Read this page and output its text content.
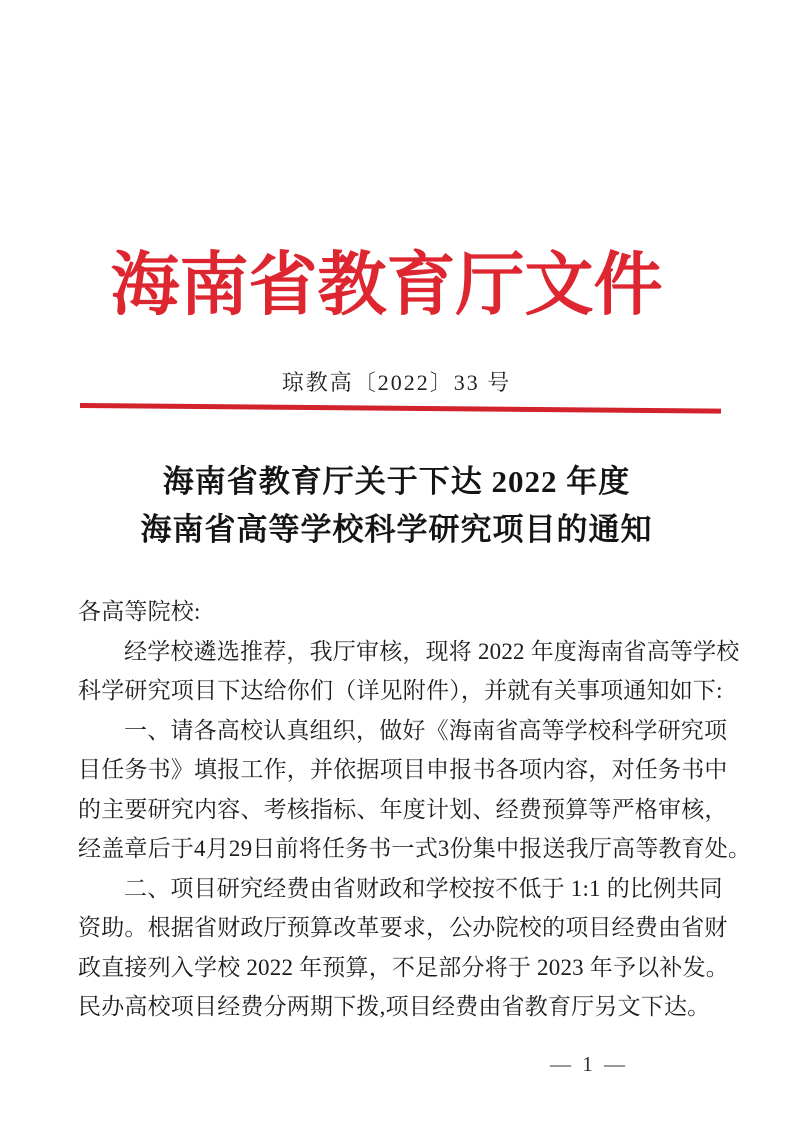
海南省教育厅文件
琼教高〔2022〕33 号
海南省教育厅关于下达 2022 年度
海南省高等学校科学研究项目的通知
各高等院校:
经学校遴选推荐，我厅审核，现将 2022 年度海南省高等学校
科学研究项目下达给你们（详见附件），并就有关事项通知如下:
一、请各高校认真组织，做好《海南省高等学校科学研究项
目任务书》填报工作，并依据项目申报书各项内容，对任务书中
的主要研究内容、考核指标、年度计划、经费预算等严格审核，
经盖章后于4月29日前将任务书一式3份集中报送我厅高等教育处。
二、项目研究经费由省财政和学校按不低于 1:1 的比例共同
资助。根据省财政厅预算改革要求，公办院校的项目经费由省财
政直接列入学校 2022 年预算，不足部分将于 2023 年予以补发。
民办高校项目经费分两期下拨,项目经费由省教育厅另文下达。
— 1 —
